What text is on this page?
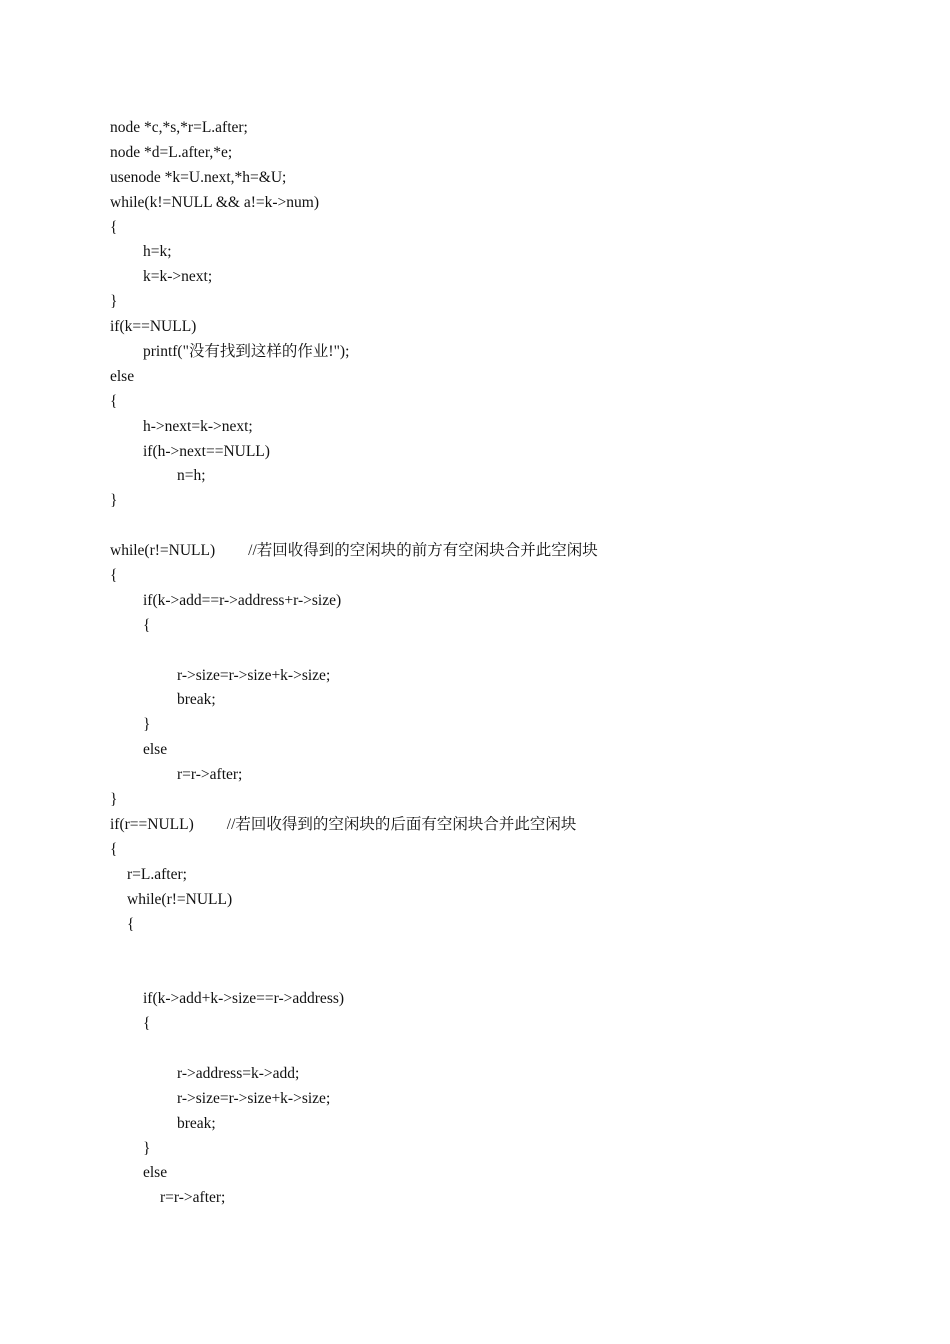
node *c,*s,*r=L.after;
node *d=L.after,*e;
usenode *k=U.next,*h=&U;
while(k!=NULL && a!=k->num)
{
h=k;
k=k->next;
}
if(k==NULL)
printf("没有找到这样的作业!");
else
{
h->next=k->next;
if(h->next==NULL)
n=h;
}
while(r!=NULL) //若回收得到的空闲块的前方有空闲块合并此空闲块
{
if(k->add==r->address+r->size)
{
r->size=r->size+k->size;
break;
}
else
r=r->after;
}
if(r==NULL) //若回收得到的空闲块的后面有空闲块合并此空闲块
{
r=L.after;
while(r!=NULL)
{
if(k->add+k->size==r->address)
{
r->address=k->add;
r->size=r->size+k->size;
break;
}
else
r=r->after;
